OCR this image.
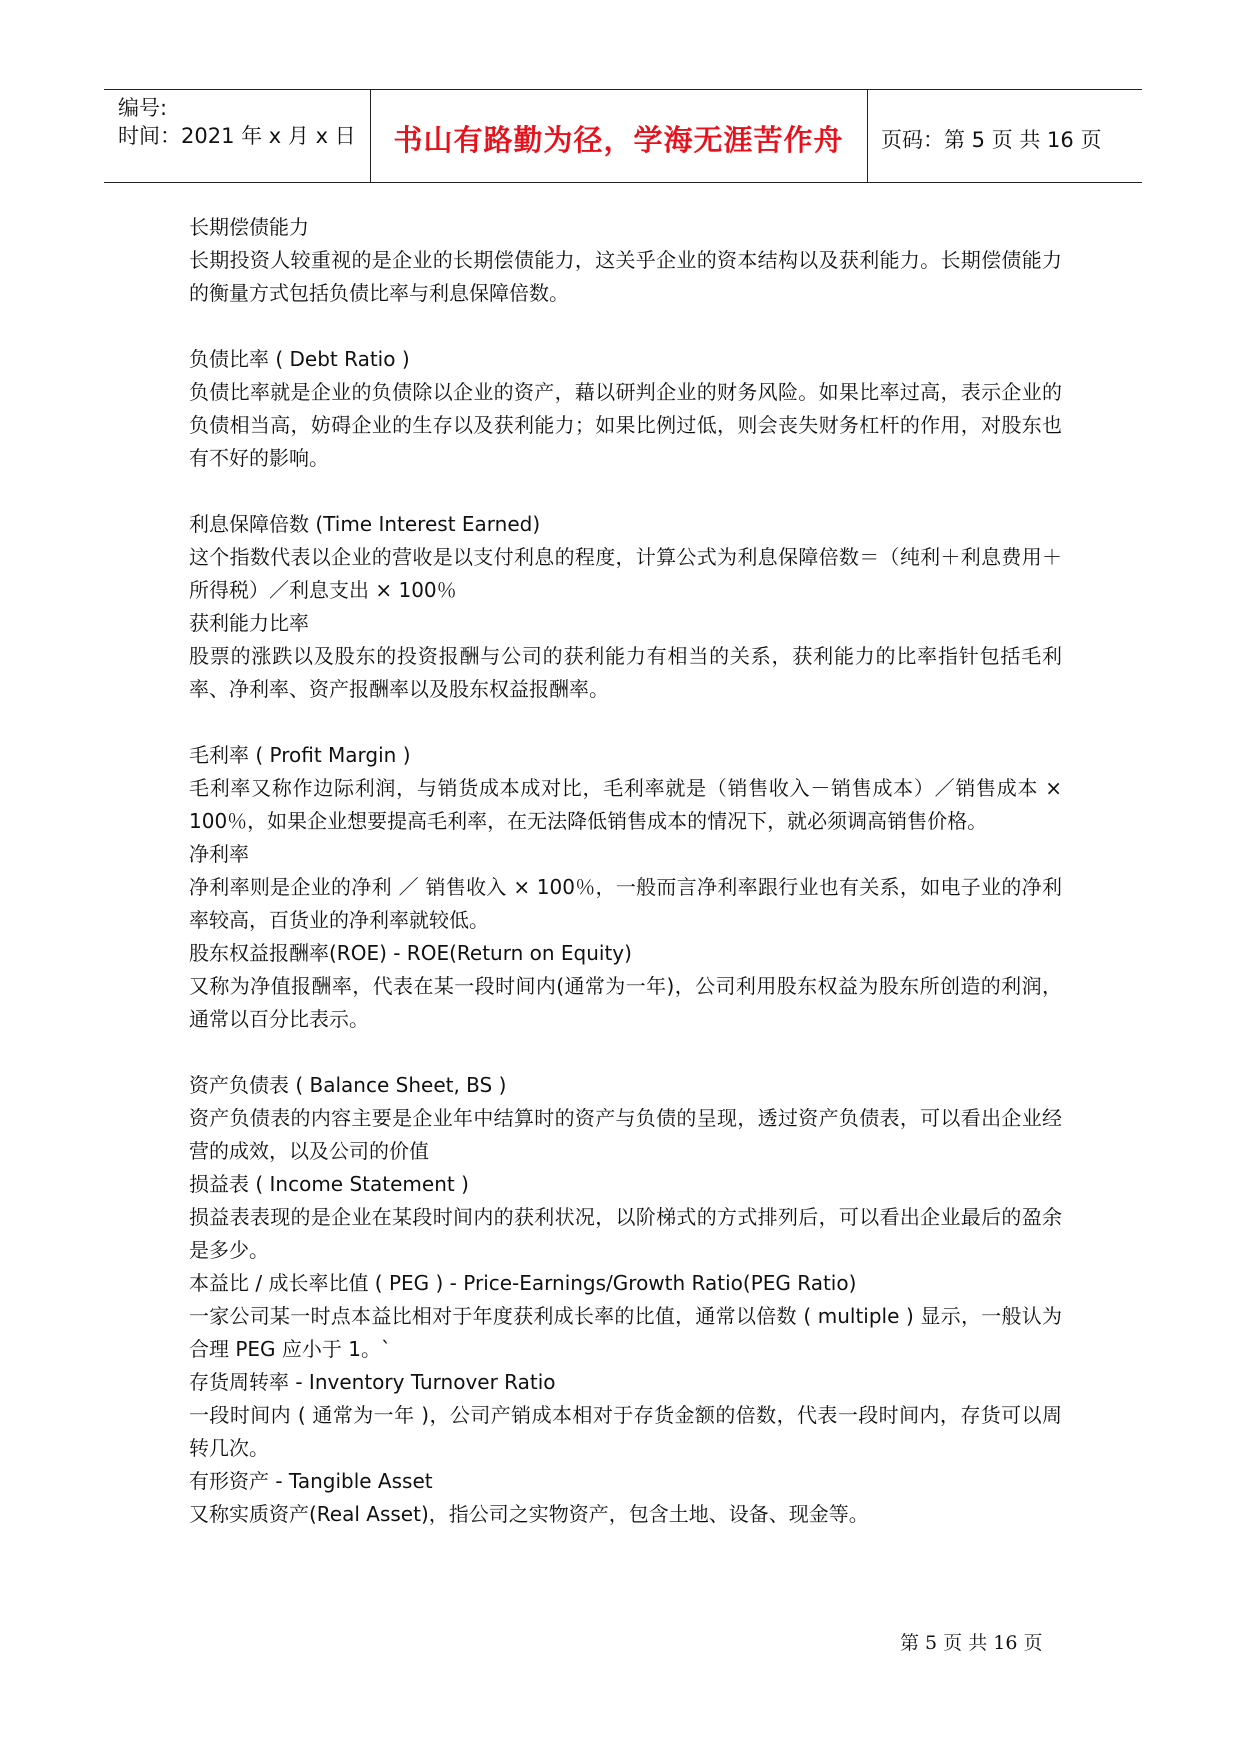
编号:
时间：2021 年 x 月 x 日	书山有路勤为径，学海无涯苦作舟	页码：第 5 页 共 16 页
长期偿债能力
长期投资人较重视的是企业的长期偿债能力，这关乎企业的资本结构以及获利能力。长期偿债能力的衡量方式包括负债比率与利息保障倍数。
负债比率 ( Debt Ratio )
负债比率就是企业的负债除以企业的资产，藉以研判企业的财务风险。如果比率过高，表示企业的负债相当高，妨碍企业的生存以及获利能力；如果比例过低，则会丧失财务杠杆的作用，对股东也有不好的影响。
利息保障倍数 (Time Interest Earned)
这个指数代表以企业的营收是以支付利息的程度，计算公式为利息保障倍数＝（纯利＋利息费用＋所得税）／利息支出 × 100％
获利能力比率
股票的涨跌以及股东的投资报酬与公司的获利能力有相当的关系，获利能力的比率指针包括毛利率、净利率、资产报酬率以及股东权益报酬率。
毛利率 ( Profit Margin )
毛利率又称作边际利润，与销货成本成对比，毛利率就是（销售收入－销售成本）／销售成本 × 100％，如果企业想要提高毛利率，在无法降低销售成本的情况下，就必须调高销售价格。
净利率
净利率则是企业的净利 ／ 销售收入 × 100％，一般而言净利率跟行业也有关系，如电子业的净利率较高，百货业的净利率就较低。
股东权益报酬率(ROE) - ROE(Return on Equity)
又称为净值报酬率，代表在某一段时间内(通常为一年)，公司利用股东权益为股东所创造的利润，通常以百分比表示。
资产负债表 ( Balance Sheet, BS )
资产负债表的内容主要是企业年中结算时的资产与负债的呈现，透过资产负债表，可以看出企业经营的成效，以及公司的价值
损益表 ( Income Statement )
损益表表现的是企业在某段时间内的获利状况，以阶梯式的方式排列后，可以看出企业最后的盈余是多少。
本益比 / 成长率比值 ( PEG ) - Price-Earnings/Growth Ratio(PEG Ratio)
一家公司某一时点本益比相对于年度获利成长率的比值，通常以倍数 ( multiple ) 显示，一般认为合理 PEG 应小于 1。`
存货周转率 - Inventory Turnover Ratio
一段时间内 ( 通常为一年 )，公司产销成本相对于存货金额的倍数，代表一段时间内，存货可以周转几次。
有形资产 - Tangible Asset
又称实质资产(Real Asset)，指公司之实物资产，包含土地、设备、现金等。
第 5 页 共 16 页
